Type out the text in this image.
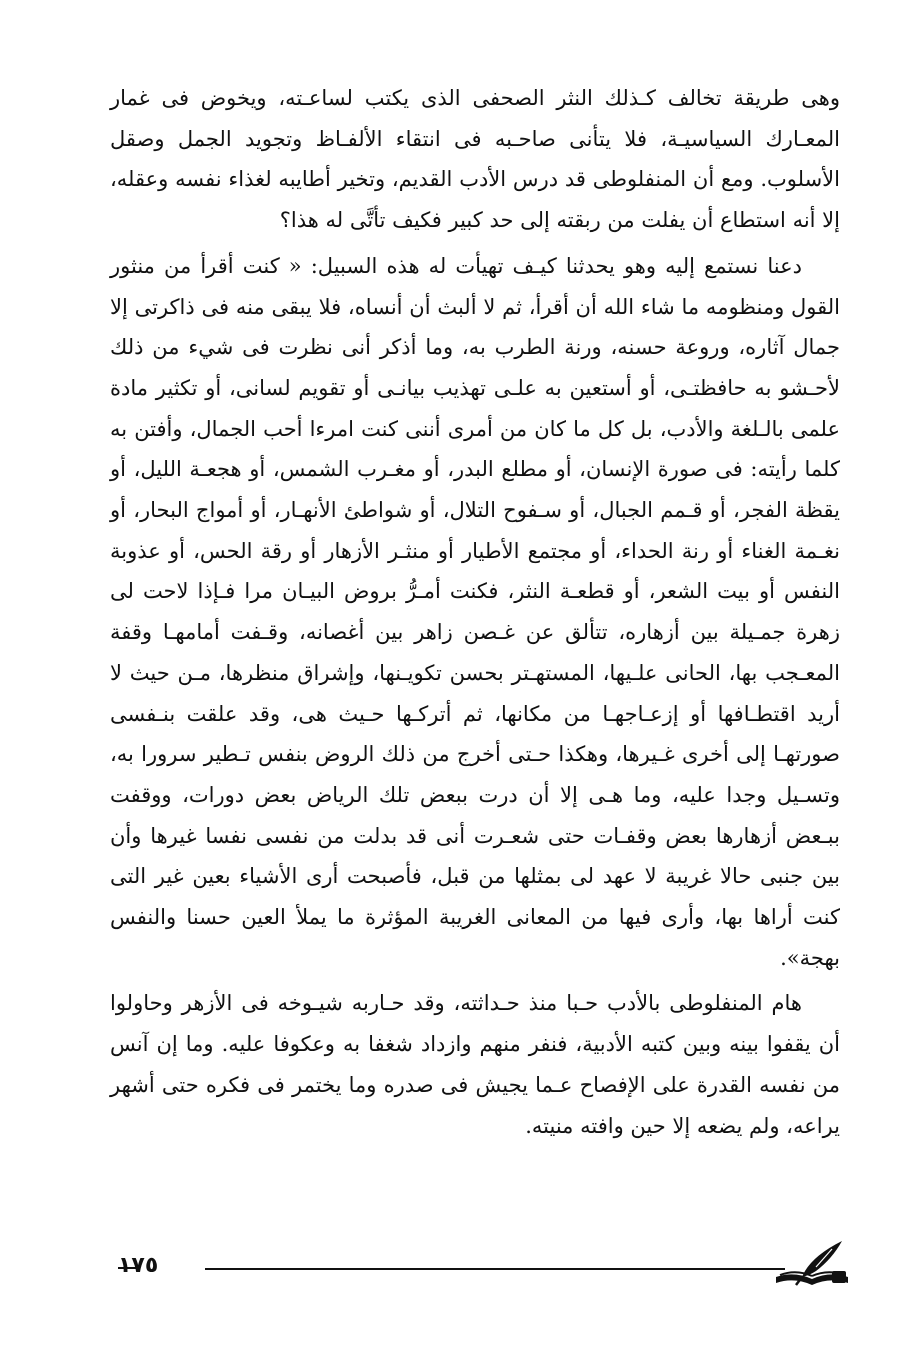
وهى طريقة تخالف كـذلك النثر الصحفى الذى يكتب لساعـته، ويخوض فى غمار المعـارك السياسيـة، فلا يتأنى صاحـبه فى انتقاء الألفـاظ وتجويد الجمل وصقل الأسلوب. ومع أن المنفلوطى قد درس الأدب القديم، وتخير أطايبه لغذاء نفسه وعقله، إلا أنه استطاع أن يفلت من ربقته إلى حد كبير فكيف تأتَّى له هذا؟

دعنا نستمع إليه وهو يحدثنا كيـف تهيأت له هذه السبيل: « كنت أقرأ من منثور القول ومنظومه ما شاء الله أن أقرأ، ثم لا ألبث أن أنساه، فلا يبقى منه فى ذاكرتى إلا جمال آثاره، وروعة حسنه، ورنة الطرب به، وما أذكر أنى نظرت فى شيء من ذلك لأحـشو به حافظتـى، أو أستعين به علـى تهذيب بيانـى أو تقويم لسانى، أو تكثير مادة علمى بالـلغة والأدب، بل كل ما كان من أمرى أننى كنت امرءا أحب الجمال، وأفتن به كلما رأيته: فى صورة الإنسان، أو مطلع البدر، أو مغـرب الشمس، أو هجعـة الليل، أو يقظة الفجر، أو قـمم الجبال، أو سـفوح التلال، أو شواطئ الأنهـار، أو أمواج البحار، أو نغـمة الغناء أو رنة الحداء، أو مجتمع الأطيار أو منثـر الأزهار أو رقة الحس، أو عذوبة النفس أو بيت الشعر، أو قطعـة النثر، فكنت أمـرُّ بروض البيـان مرا فـإذا لاحت لى زهرة جمـيلة بين أزهاره، تتألق عن غـصن زاهر بين أغصانه، وقـفت أمامهـا وقفة المعـجب بها، الحانى علـيها، المستهـتر بحسن تكويـنها، وإشراق منظرها، مـن حيث لا أريد اقتطـافها أو إزعـاجهـا من مكانها، ثم أتركـها حـيث هى، وقد علقت بنـفسى صورتهـا إلى أخرى غـيرها، وهكذا حـتى أخرج من ذلك الروض بنفس تـطير سرورا به، وتسـيل وجدا عليه، وما هـى إلا أن درت ببعض تلك الرياض بعض دورات، ووقفت ببـعض أزهارها بعض وقفـات حتى شعـرت أنى قد بدلت من نفسى نفسا غيرها وأن بين جنبى حالا غريبة لا عهد لى بمثلها من قبل، فأصبحت أرى الأشياء بعين غير التى كنت أراها بها، وأرى فيها من المعانى الغريبة المؤثرة ما يملأ العين حسنا والنفس بهجة».

هام المنفلوطى بالأدب حـبا منذ حـداثته، وقد حـاربه شيـوخه فى الأزهر وحاولوا أن يقفوا بينه وبين كتبه الأدبية، فنفر منهم وازداد شغفا به وعكوفا عليه. وما إن آنس من نفسه القدرة على الإفصاح عـما يجيش فى صدره وما يختمر فى فكره حتى أشهر يراعه، ولم يضعه إلا حين وافته منيته.

١٧٥
